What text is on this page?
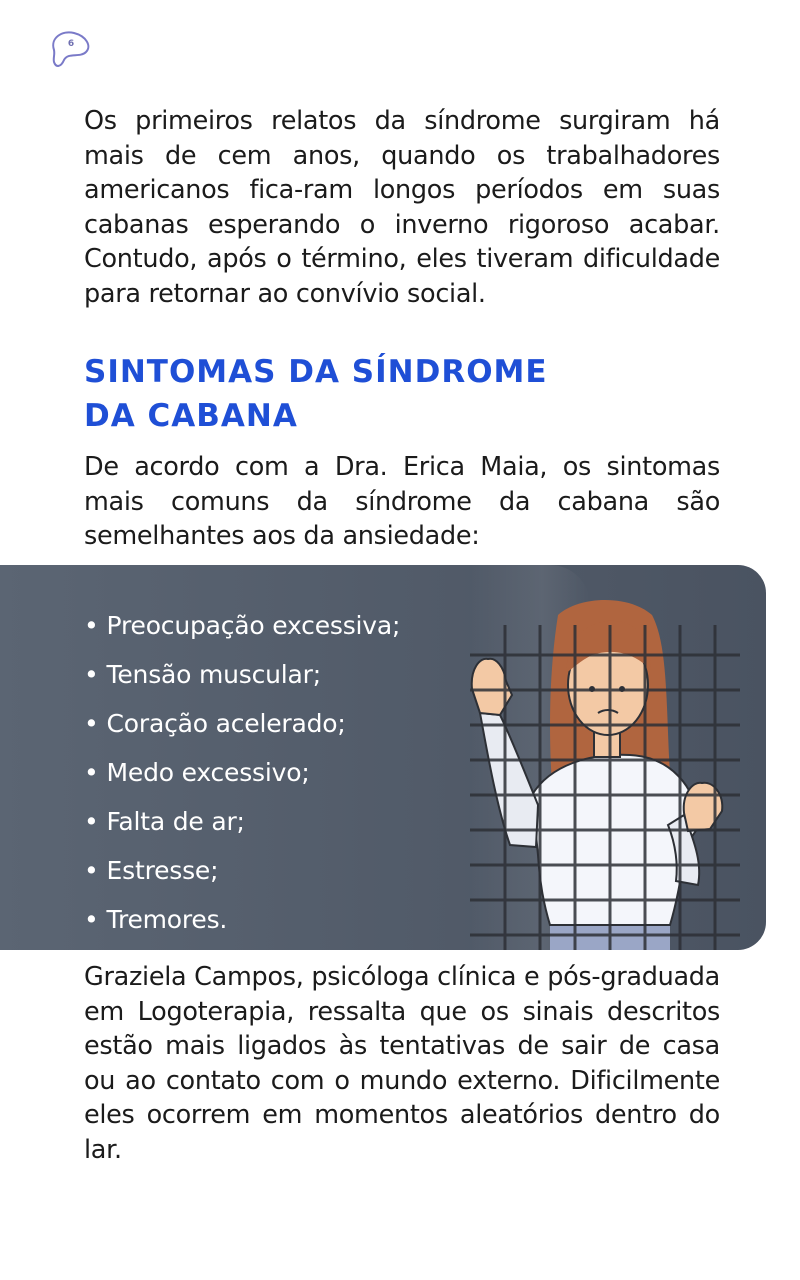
6

Os primeiros relatos da síndrome surgiram há mais de cem anos, quando os trabalhadores americanos fica-ram longos períodos em suas cabanas esperando o inverno rigoroso acabar. Contudo, após o término, eles tiveram dificuldade para retornar ao convívio social.

SINTOMAS DA SÍNDROME
DA CABANA

De acordo com a Dra. Erica Maia, os sintomas mais comuns da síndrome da cabana são semelhantes aos da ansiedade:

• Preocupação excessiva;
• Tensão muscular;
• Coração acelerado;
• Medo excessivo;
• Falta de ar;
• Estresse;
• Tremores.

Graziela Campos, psicóloga clínica e pós-graduada em Logoterapia, ressalta que os sinais descritos estão mais ligados às tentativas de sair de casa ou ao contato com o mundo externo. Dificilmente eles ocorrem em momentos aleatórios dentro do lar.
